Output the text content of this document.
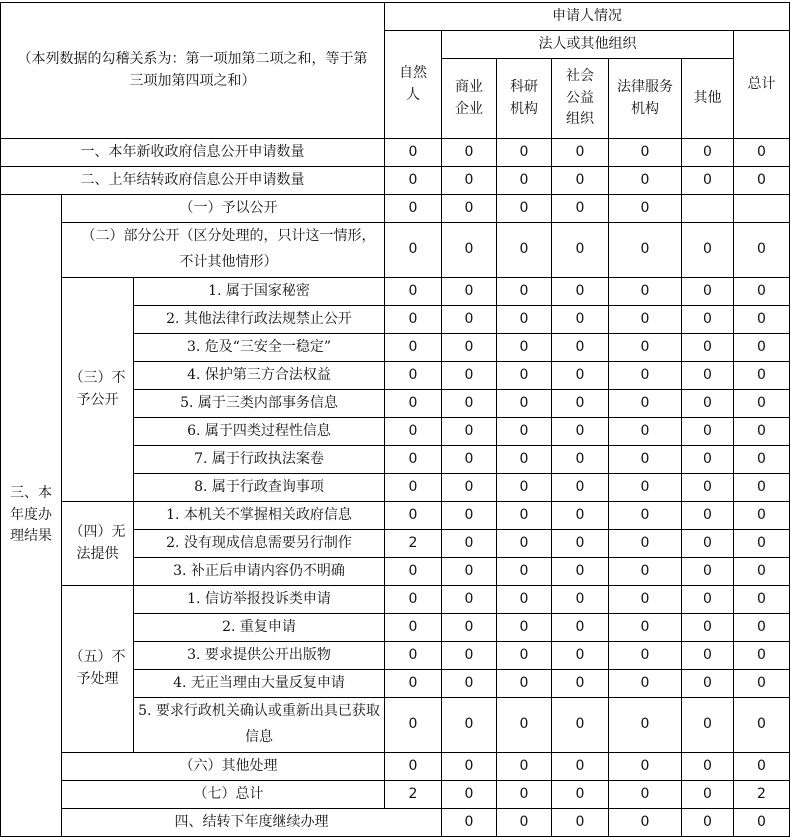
（本列数据的勾稽关系为：第一项加第二项之和，等于第三项加第四项之和）			申请人情况							
			自然人	法人或其他组织					总计	
				商业企业	科研机构	社会公益组织	法律服务机构	其他		
一、本年新收政府信息公开申请数量			0	0	0	0	0	0	0	
二、上年结转政府信息公开申请数量			0	0	0	0	0	0	0	
三、本年度办理结果	（一）予以公开		0	0	0	0	0			
	（二）部分公开（区分处理的，只计这一情形，不计其他情形）		0	0	0	0	0	0	0	
	（三）不予公开	1. 属于国家秘密	0	0	0	0	0	0	0	
		2. 其他法律行政法规禁止公开	0	0	0	0	0	0	0	
		3. 危及“三安全一稳定”	0	0	0	0	0	0	0	
		4. 保护第三方合法权益	0	0	0	0	0	0	0	
		5. 属于三类内部事务信息	0	0	0	0	0	0	0	
		6. 属于四类过程性信息	0	0	0	0	0	0	0	
		7. 属于行政执法案卷	0	0	0	0	0	0	0	
		8. 属于行政查询事项	0	0	0	0	0	0	0	
	（四）无法提供	1. 本机关不掌握相关政府信息	0	0	0	0	0	0	0	
		2. 没有现成信息需要另行制作	2	0	0	0	0	0	0	
		3. 补正后申请内容仍不明确	0	0	0	0	0	0	0	
	（五）不予处理	1. 信访举报投诉类申请	0	0	0	0	0	0	0	
		2. 重复申请	0	0	0	0	0	0	0	
		3. 要求提供公开出版物	0	0	0	0	0	0	0	
		4. 无正当理由大量反复申请	0	0	0	0	0	0	0	
		5. 要求行政机关确认或重新出具已获取信息	0	0	0	0	0	0	0	
	（六）其他处理		0	0	0	0	0	0	0	
	（七）总计		2	0	0	0	0	0	2	
	四、结转下年度继续办理			0	0	0	0	0	0	
